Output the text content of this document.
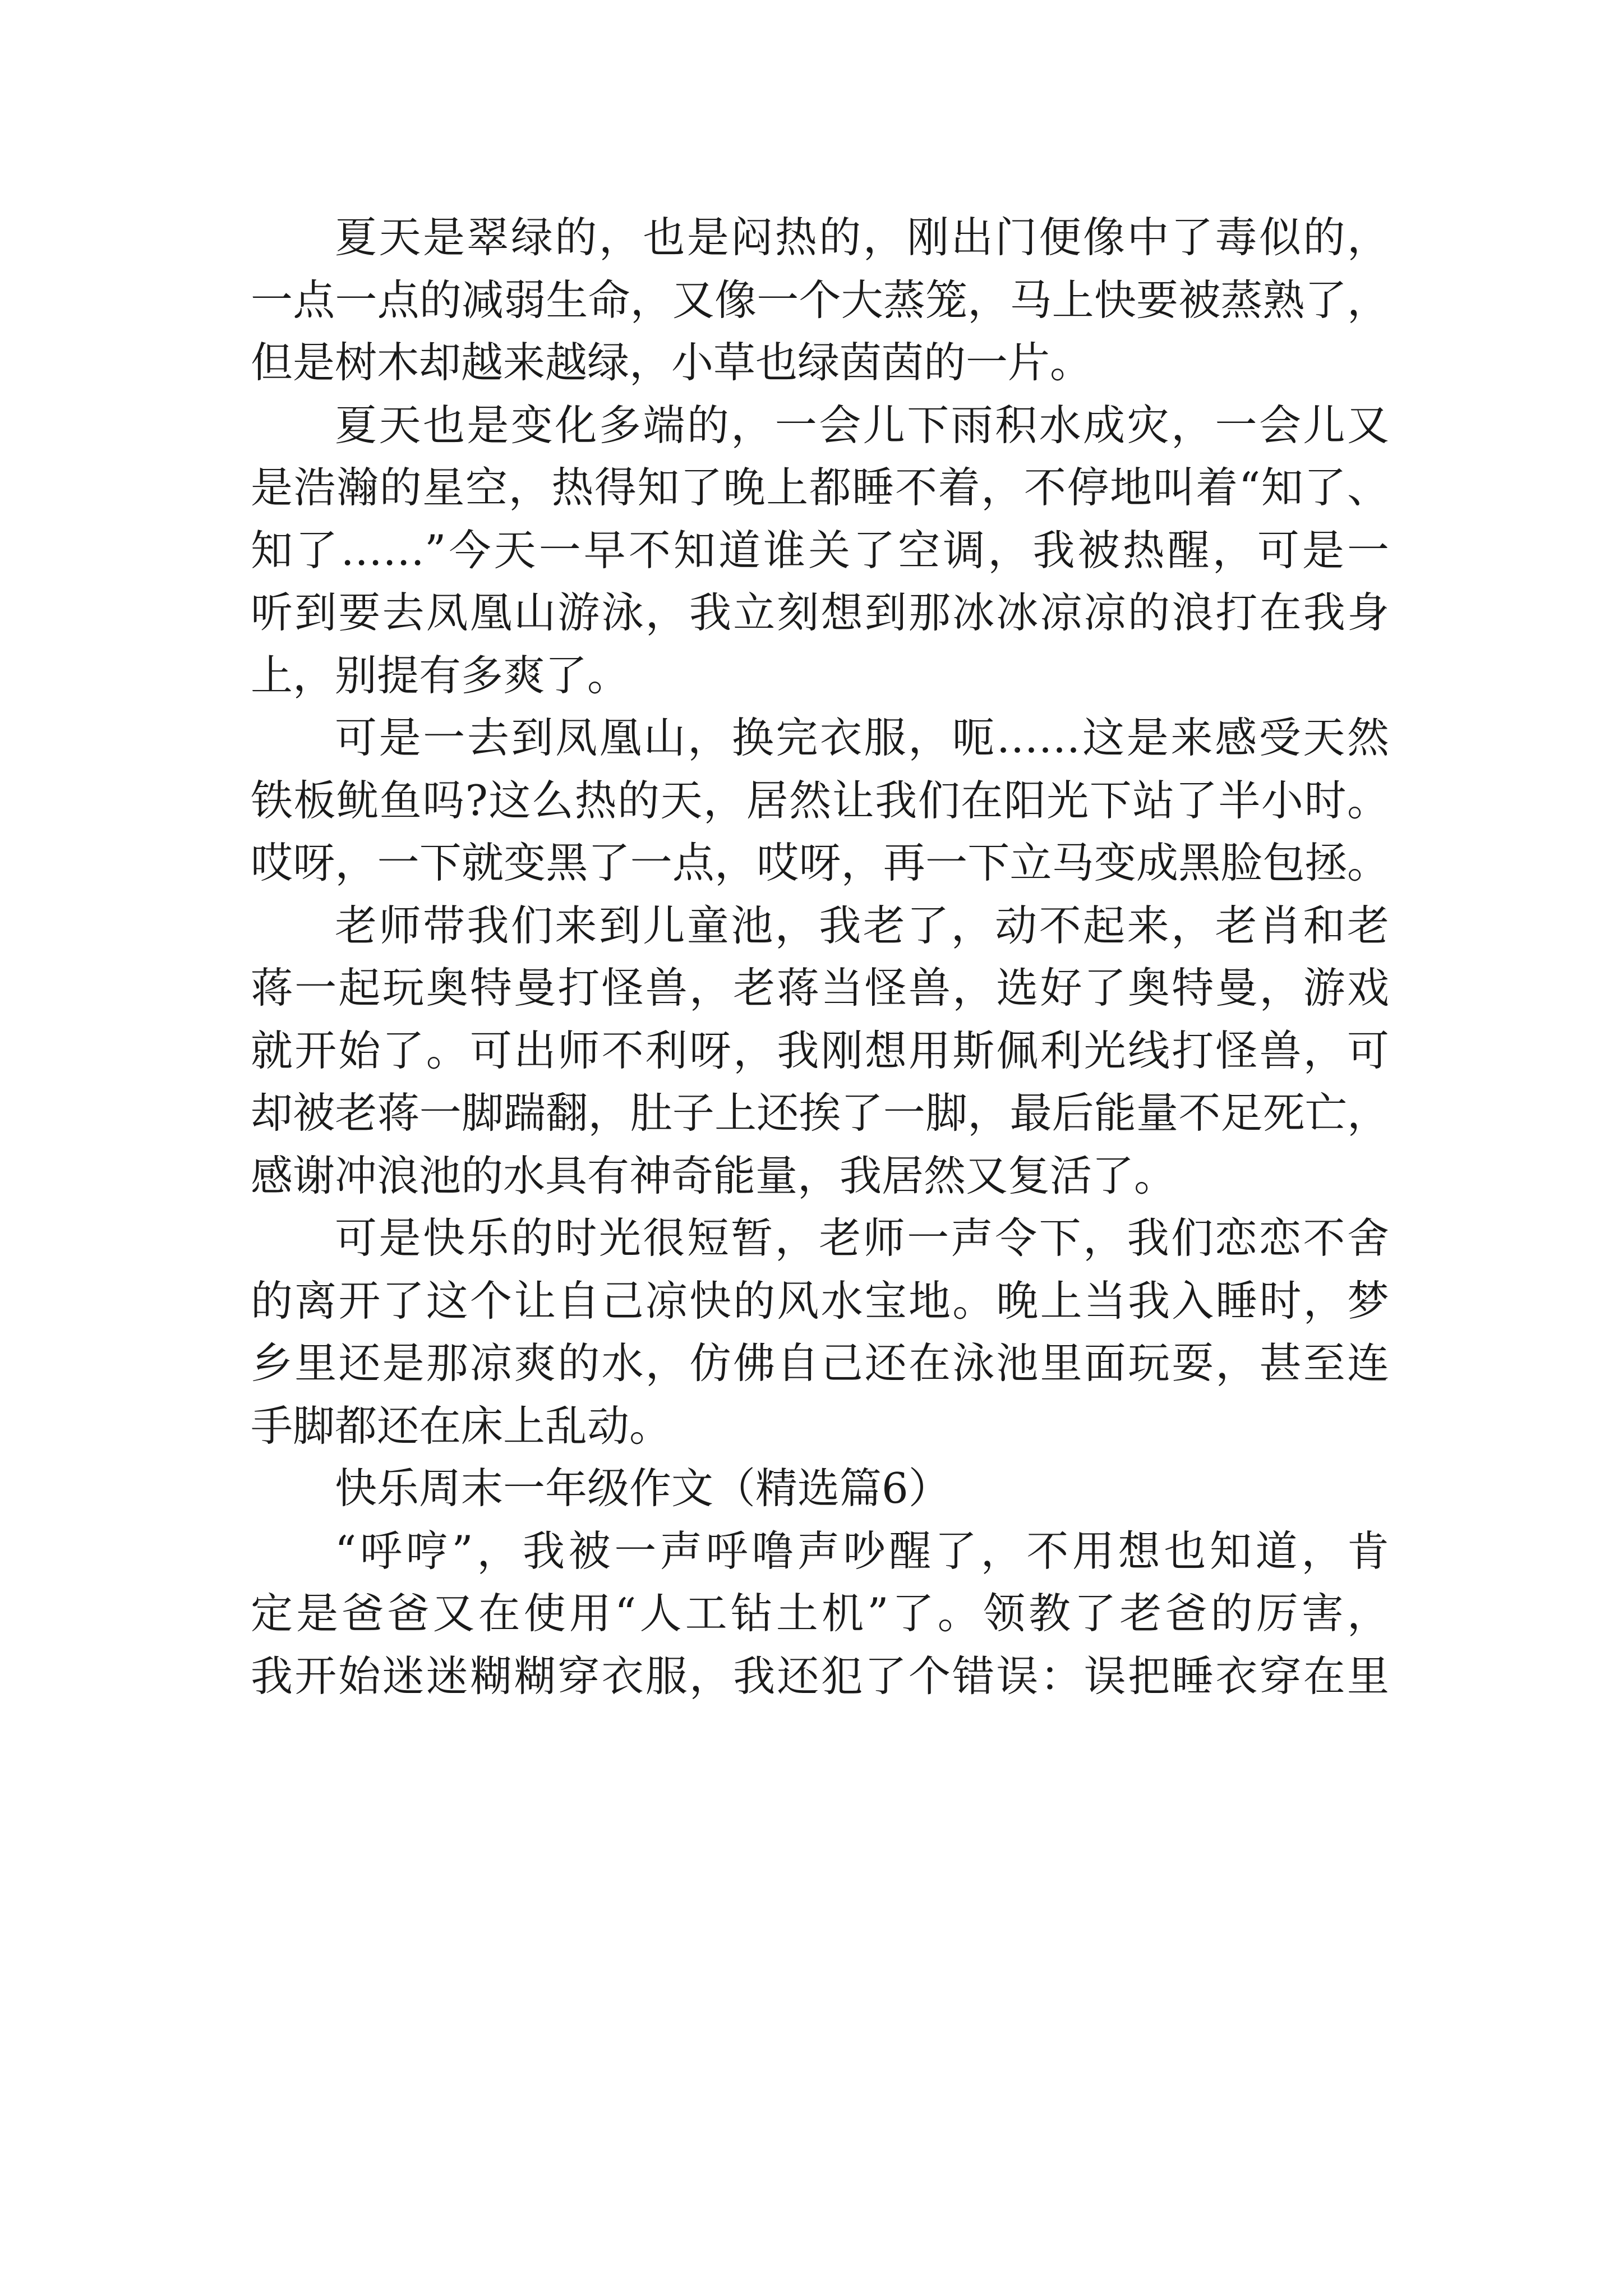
夏天是翠绿的，也是闷热的，刚出门便像中了毒似的，
一点一点的减弱生命，又像一个大蒸笼，马上快要被蒸熟了，
但是树木却越来越绿，小草也绿茵茵的一片。
夏天也是变化多端的，一会儿下雨积水成灾，一会儿又
是浩瀚的星空，热得知了晚上都睡不着，不停地叫着“知了、
知了……”今天一早不知道谁关了空调，我被热醒，可是一
听到要去凤凰山游泳，我立刻想到那冰冰凉凉的浪打在我身
上，别提有多爽了。
可是一去到凤凰山，换完衣服，呃……这是来感受天然
铁板鱿鱼吗?这么热的天，居然让我们在阳光下站了半小时。
哎呀，一下就变黑了一点，哎呀，再一下立马变成黑脸包拯。
老师带我们来到儿童池，我老了，动不起来，老肖和老
蒋一起玩奥特曼打怪兽，老蒋当怪兽，选好了奥特曼，游戏
就开始了。可出师不利呀，我刚想用斯佩利光线打怪兽，可
却被老蒋一脚踹翻，肚子上还挨了一脚，最后能量不足死亡，
感谢冲浪池的水具有神奇能量，我居然又复活了。
可是快乐的时光很短暂，老师一声令下，我们恋恋不舍
的离开了这个让自己凉快的风水宝地。晚上当我入睡时，梦
乡里还是那凉爽的水，仿佛自己还在泳池里面玩耍，甚至连
手脚都还在床上乱动。
快乐周末一年级作文（精选篇6）
“呼哼”，我被一声呼噜声吵醒了，不用想也知道，肯
定是爸爸又在使用“人工钻土机”了。领教了老爸的厉害，
我开始迷迷糊糊穿衣服，我还犯了个错误：误把睡衣穿在里
